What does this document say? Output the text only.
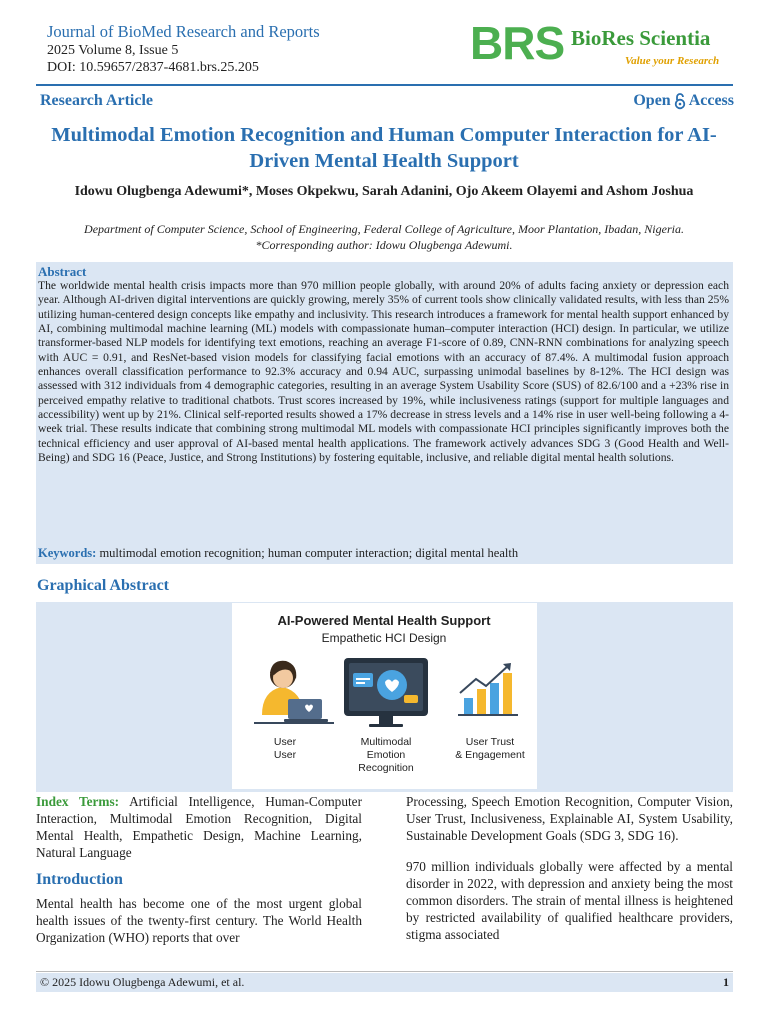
Journal of BioMed Research and Reports
2025 Volume 8, Issue 5
DOI: 10.59657/2837-4681.brs.25.205	BRS BioRes Scientia
Value your Research
Research Article	Open Access
Multimodal Emotion Recognition and Human Computer Interaction for AI-Driven Mental Health Support
Idowu Olugbenga Adewumi*, Moses Okpekwu, Sarah Adanini, Ojo Akeem Olayemi and Ashom Joshua
Department of Computer Science, School of Engineering, Federal College of Agriculture, Moor Plantation, Ibadan, Nigeria.
*Corresponding author: Idowu Olugbenga Adewumi.
Abstract

The worldwide mental health crisis impacts more than 970 million people globally, with around 20% of adults facing anxiety or depression each year. Although AI-driven digital interventions are quickly growing, merely 35% of current tools show clinically validated results, with less than 25% utilizing human-centered design concepts like empathy and inclusivity. This research introduces a framework for mental health support enhanced by AI, combining multimodal machine learning (ML) models with compassionate human–computer interaction (HCI) design. In particular, we utilize transformer-based NLP models for identifying text emotions, reaching an average F1-score of 0.89, CNN-RNN combinations for analyzing speech with AUC = 0.91, and ResNet-based vision models for classifying facial emotions with an accuracy of 87.4%. A multimodal fusion approach enhances overall classification performance to 92.3% accuracy and 0.94 AUC, surpassing unimodal baselines by 8-12%. The HCI design was assessed with 312 individuals from 4 demographic categories, resulting in an average System Usability Score (SUS) of 82.6/100 and a +23% rise in perceived empathy relative to traditional chatbots. Trust scores increased by 19%, while inclusiveness ratings (support for multiple languages and accessibility) went up by 21%. Clinical self-reported results showed a 17% decrease in stress levels and a 14% rise in user well-being following a 4-week trial. These results indicate that combining strong multimodal ML models with compassionate HCI principles significantly improves both the technical efficiency and user approval of AI-based mental health applications. The framework actively advances SDG 3 (Good Health and Well-Being) and SDG 16 (Peace, Justice, and Strong Institutions) by fostering equitable, inclusive, and reliable digital mental health solutions.

Keywords: multimodal emotion recognition; human computer interaction; digital mental health
Graphical Abstract
AI-Powered Mental Health Support
Empathetic HCI Design
User
User
Multimodal
Emotion
Recognition
User Trust
& Engagement

Index Terms: Artificial Intelligence, Human-Computer Interaction, Multimodal Emotion Recognition, Digital Mental Health, Empathetic Design, Machine Learning, Natural Language

Introduction

Mental health has become one of the most urgent global health issues of the twenty-first century. The World Health Organization (WHO) reports that over

Processing, Speech Emotion Recognition, Computer Vision, User Trust, Inclusiveness, Explainable AI, System Usability, Sustainable Development Goals (SDG 3, SDG 16).

970 million individuals globally were affected by a mental disorder in 2022, with depression and anxiety being the most common disorders. The strain of mental illness is heightened by restricted availability of qualified healthcare providers, stigma associated

© 2025 Idowu Olugbenga Adewumi, et al.	1
